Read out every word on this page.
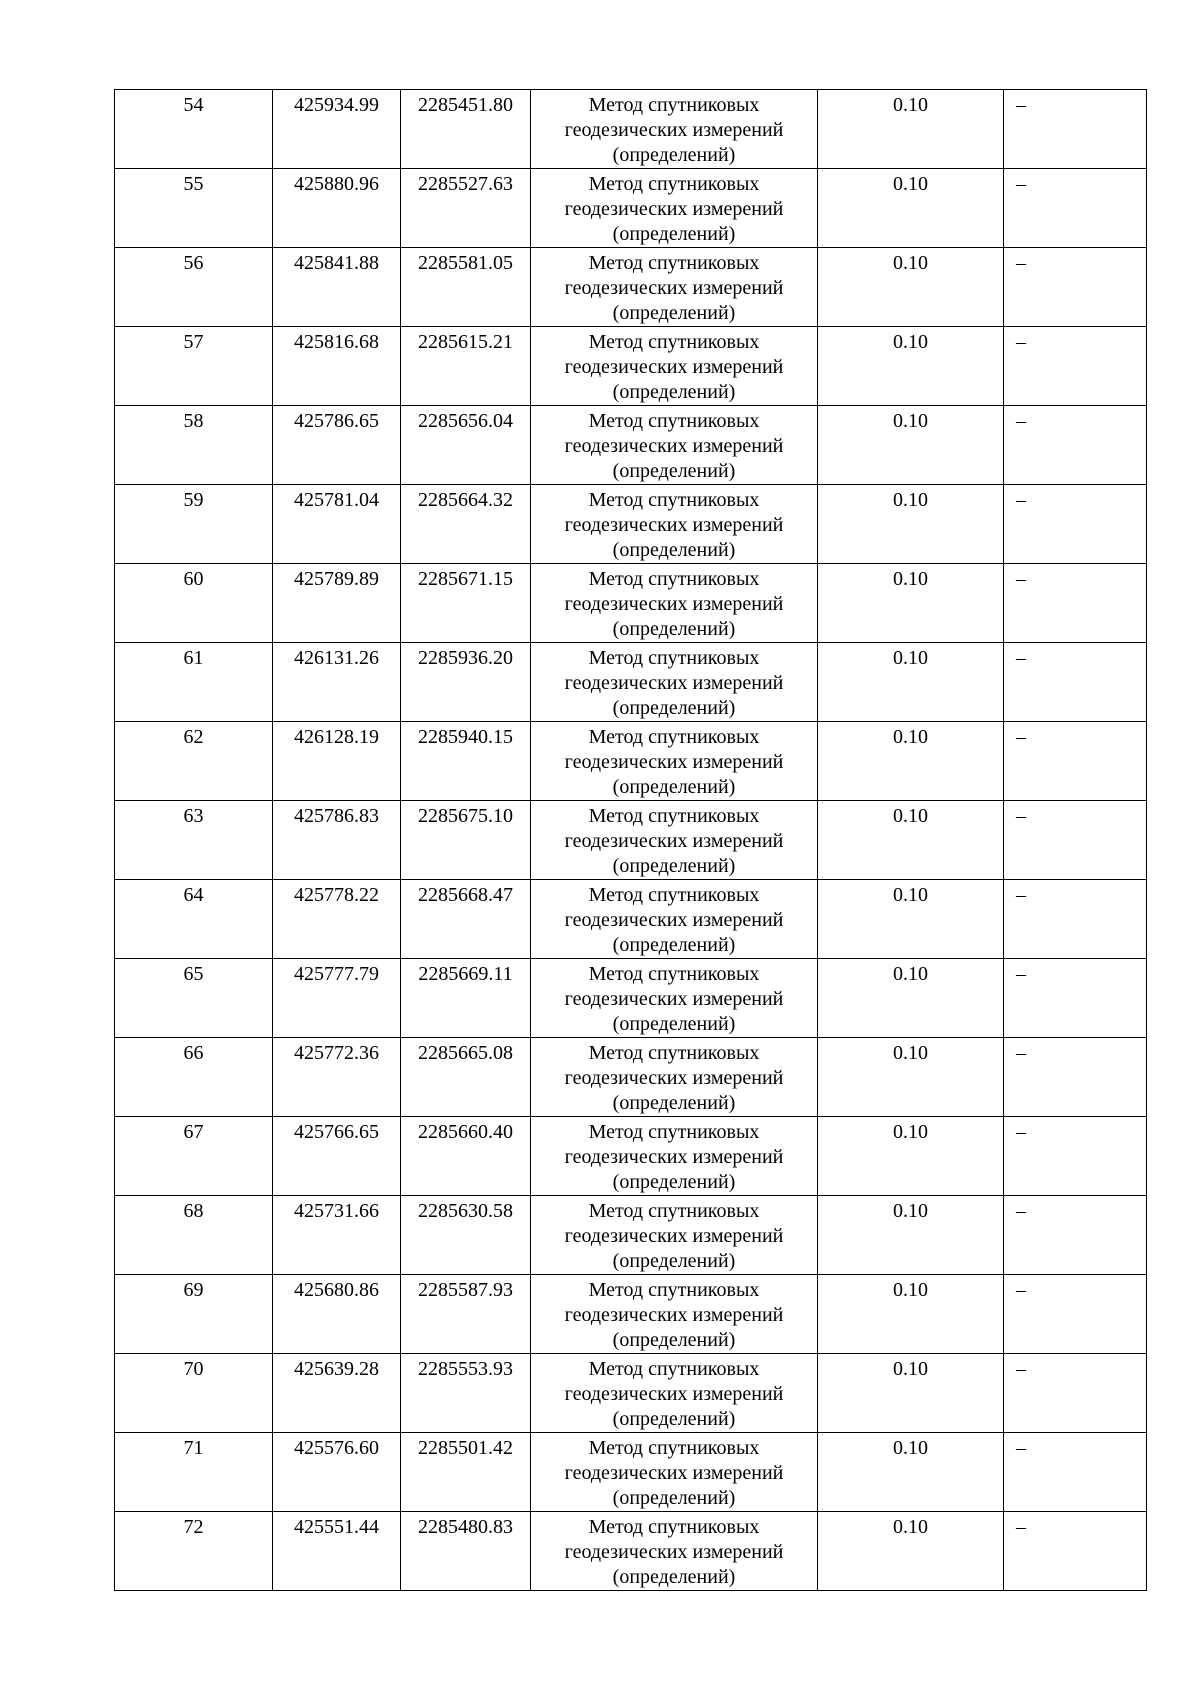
54	425934.99	2285451.80	Метод спутниковых
геодезических измерений
(определений)	0.10	–

55	425880.96	2285527.63	Метод спутниковых
геодезических измерений
(определений)	0.10	–

56	425841.88	2285581.05	Метод спутниковых
геодезических измерений
(определений)	0.10	–

57	425816.68	2285615.21	Метод спутниковых
геодезических измерений
(определений)	0.10	–

58	425786.65	2285656.04	Метод спутниковых
геодезических измерений
(определений)	0.10	–

59	425781.04	2285664.32	Метод спутниковых
геодезических измерений
(определений)	0.10	–

60	425789.89	2285671.15	Метод спутниковых
геодезических измерений
(определений)	0.10	–

61	426131.26	2285936.20	Метод спутниковых
геодезических измерений
(определений)	0.10	–

62	426128.19	2285940.15	Метод спутниковых
геодезических измерений
(определений)	0.10	–

63	425786.83	2285675.10	Метод спутниковых
геодезических измерений
(определений)	0.10	–

64	425778.22	2285668.47	Метод спутниковых
геодезических измерений
(определений)	0.10	–

65	425777.79	2285669.11	Метод спутниковых
геодезических измерений
(определений)	0.10	–

66	425772.36	2285665.08	Метод спутниковых
геодезических измерений
(определений)	0.10	–

67	425766.65	2285660.40	Метод спутниковых
геодезических измерений
(определений)	0.10	–

68	425731.66	2285630.58	Метод спутниковых
геодезических измерений
(определений)	0.10	–

69	425680.86	2285587.93	Метод спутниковых
геодезических измерений
(определений)	0.10	–

70	425639.28	2285553.93	Метод спутниковых
геодезических измерений
(определений)	0.10	–

71	425576.60	2285501.42	Метод спутниковых
геодезических измерений
(определений)	0.10	–

72	425551.44	2285480.83	Метод спутниковых
геодезических измерений
(определений)	0.10	–
